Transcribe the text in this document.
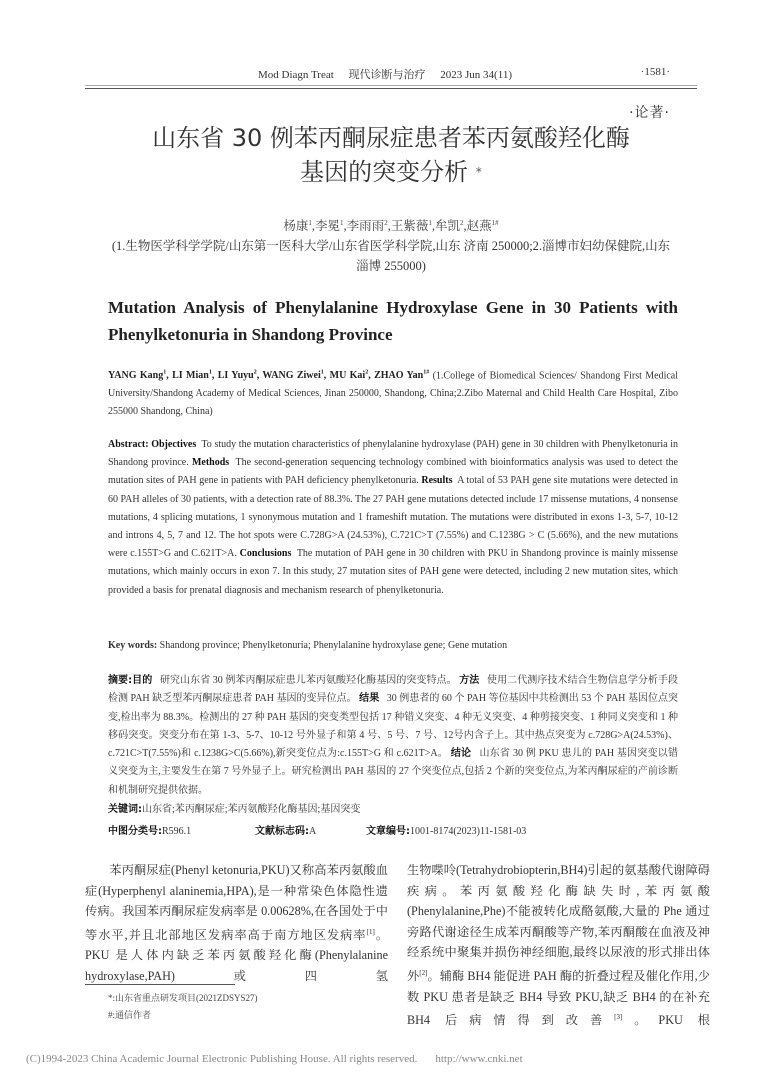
Mod Diagn Treat 现代诊断与治疗 2023 Jun 34(11)	·1581·
·论著·
山东省 30 例苯丙酮尿症患者苯丙氨酸羟化酶
基因的突变分析 *
杨康$^1$,李冕$^1$,李雨雨$^2$,王紫薇$^1$,牟凯$^2$,赵燕$^{1\#}$
(1.生物医学科学学院/山东第一医科大学/山东省医学科学院,山东 济南 250000;2.淄博市妇幼保健院,山东 淄博 255000)
Mutation Analysis of Phenylalanine Hydroxylase Gene in 30 Patients with Phenylketonuria in Shandong Province
YANG Kang$^1$, LI Mian$^1$, LI Yuyu$^2$, WANG Ziwei$^1$, MU Kai$^2$, ZHAO Yan$^{1\#}$ (1.College of Biomedical Sciences/ Shandong First Medical University/Shandong Academy of Medical Sciences, Jinan 250000, Shandong, China;2.Zibo Maternal and Child Health Care Hospital, Zibo 255000 Shandong, China)
Abstract: Objectives To study the mutation characteristics of phenylalanine hydroxylase (PAH) gene in 30 children with Phenylketonuria in Shandong province. Methods The second-generation sequencing technology combined with bioinformatics analysis was used to detect the mutation sites of PAH gene in patients with PAH deficiency phenylketonuria. Results A total of 53 PAH gene site mutations were detected in 60 PAH alleles of 30 patients, with a detection rate of 88.3%. The 27 PAH gene mutations detected include 17 missense mutations, 4 nonsense mutations, 4 splicing mutations, 1 synonymous mutation and 1 frameshift mutation. The mutations were distributed in exons 1-3, 5-7, 10-12 and introns 4, 5, 7 and 12. The hot spots were C.728G>A (24.53%), C.721C>T (7.55%) and C.1238G > C (5.66%), and the new mutations were c.155T>G and C.621T>A. Conclusions The mutation of PAH gene in 30 children with PKU in Shandong province is mainly missense mutations, which mainly occurs in exon 7. In this study, 27 mutation sites of PAH gene were detected, including 2 new mutation sites, which provided a basis for prenatal diagnosis and mechanism research of phenylketonuria.
Key words: Shandong province; Phenylketonuria; Phenylalanine hydroxylase gene; Gene mutation
摘要:目的 研究山东省 30 例苯丙酮尿症患儿苯丙氨酸羟化酶基因的突变特点。 方法 使用二代测序技术结合生物信息学分析手段检测 PAH 缺乏型苯丙酮尿症患者 PAH 基因的变异位点。 结果 30 例患者的 60 个 PAH 等位基因中共检测出 53 个 PAH 基因位点突变,检出率为 88.3%。检测出的 27 种 PAH 基因的突变类型包括 17 种错义突变、4 种无义突变、4 种剪接突变、1 种同义突变和 1 种移码突变。突变分布在第 1-3、5-7、10-12 号外显子和第 4 号、5 号、7 号、12号内含子上。其中热点突变为 c.728G>A(24.53%)、c.721C>T(7.55%)和 c.1238G>C(5.66%),新突变位点为:c.155T>G 和 c.621T>A。 结论 山东省 30 例 PKU 患儿的 PAH 基因突变以错义突变为主,主要发生在第 7 号外显子上。研究检测出 PAH 基因的 27 个突变位点,包括 2 个新的突变位点,为苯丙酮尿症的产前诊断和机制研究提供依据。
关键词:山东省;苯丙酮尿症;苯丙氨酸羟化酶基因;基因突变
中图分类号:R596.1	文献标志码:A	文章编号:1001-8174(2023)11-1581-03

苯丙酮尿症(Phenyl ketonuria,PKU)又称高苯丙氨酸血症(Hyperphenyl alaninemia,HPA),是一种常染色体隐性遗传病。我国苯丙酮尿症发病率是 0.00628%,在各国处于中等水平,并且北部地区发病率高于南方地区发病率[1]。PKU 是人体内缺乏苯丙氨酸羟化酶(Phenylalanine hydroxylase,PAH)或四氢

生物喋呤(Tetrahydrobiopterin,BH4)引起的氨基酸代谢障碍疾病。苯丙氨酸羟化酶缺失时,苯丙氨酸(Phenylalanine,Phe)不能被转化成酪氨酸,大量的 Phe 通过旁路代谢途径生成苯丙酮酸等产物,苯丙酮酸在血液及神经系统中聚集并损伤神经细胞,最终以尿液的形式排出体外[2]。辅酶 BH4 能促进 PAH 酶的折叠过程及催化作用,少数 PKU 患者是缺乏 BH4 导致 PKU,缺乏 BH4 的在补充 BH4 后病情得到改善[3]。PKU 根

*:山东省重点研发项目(2021ZDSYS27)
#:通信作者
(C)1994-2023 China Academic Journal Electronic Publishing House. All rights reserved. http://www.cnki.net
